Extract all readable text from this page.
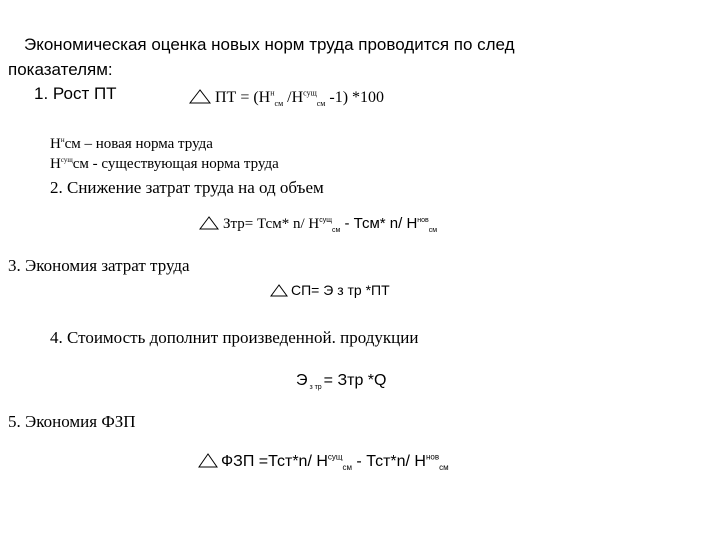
Экономическая оценка новых норм труда проводится по след
показателям:
1. Рост ПТ	ПТ = ($Н^н_{см}$ $/Н^{сущ}_{см}$ -1) *100
$Н^нсм$ – новая норма труда
$Н^{сущ}см$ - существующая норма труда
2. Снижение затрат труда на од объем
Зтр= Тсм* n/ $Н^{сущ}_{см} - Тсм*$ n/ $Н^{нов}_{см}$
3. Экономия затрат труда
СП= Э з тр *ПТ
4. Стоимость дополнит произведенной. продукции
Э $_{з тр}$ = Зтр *Q
5. Экономия ФЗП
ФЗП =Тст*n/ $Н^{сущ}_{см} - Тст*n/$ $Н^{нов}_{см}$
